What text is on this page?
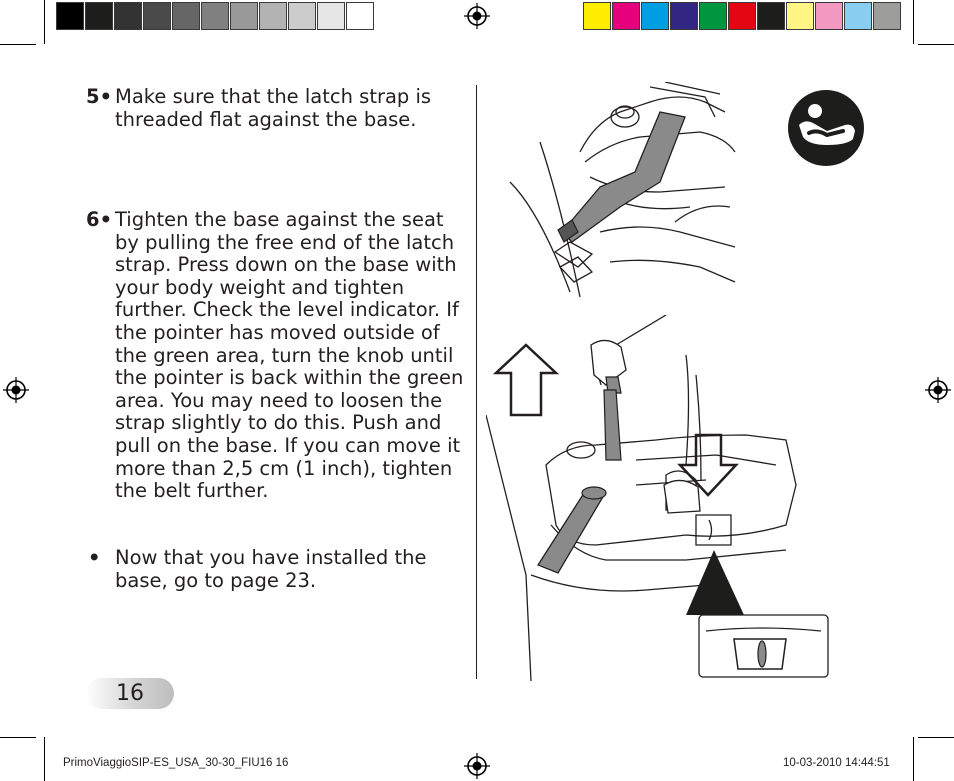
5• Make sure that the latch strap is threaded flat against the base.
6• Tighten the base against the seat by pulling the free end of the latch strap. Press down on the base with your body weight and tighten further. Check the level indicator. If the pointer has moved outside of the green area, turn the knob until the pointer is back within the green area. You may need to loosen the strap slightly to do this. Push and pull on the base. If you can move it more than 2,5 cm (1 inch), tighten the belt further.
• Now that you have installed the base, go to page 23.
16
PrimoViaggioSIP-ES_USA_30-30_FIU16 16	10-03-2010 14:44:51
